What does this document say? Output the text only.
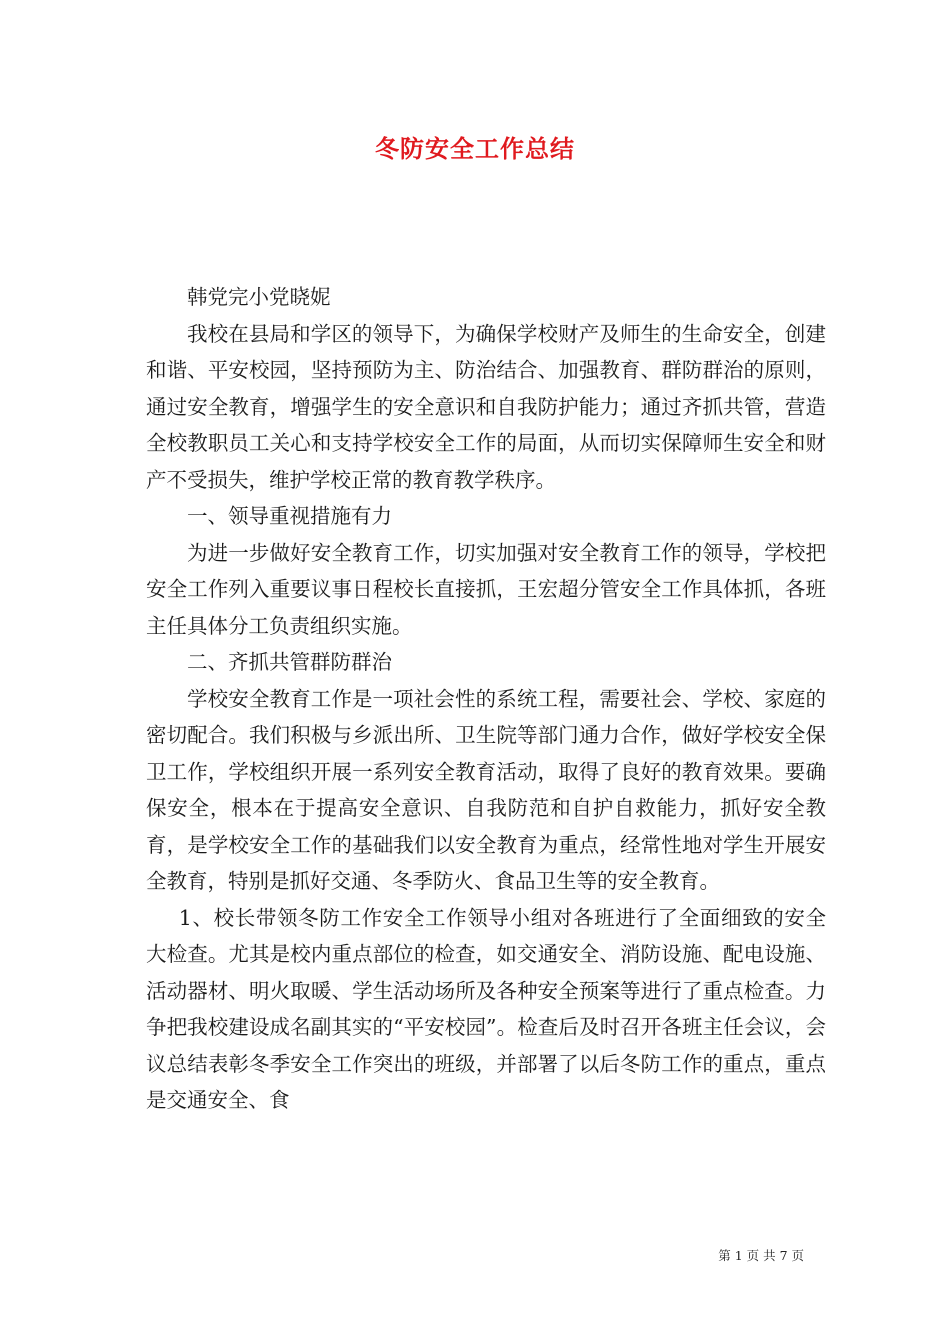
冬防安全工作总结

韩党完小党晓妮

我校在县局和学区的领导下，为确保学校财产及师生的生命安全，创建和谐、平安校园，坚持预防为主、防治结合、加强教育、群防群治的原则，通过安全教育，增强学生的安全意识和自我防护能力；通过齐抓共管，营造全校教职员工关心和支持学校安全工作的局面，从而切实保障师生安全和财产不受损失，维护学校正常的教育教学秩序。

一、领导重视措施有力

为进一步做好安全教育工作，切实加强对安全教育工作的领导，学校把安全工作列入重要议事日程校长直接抓，王宏超分管安全工作具体抓，各班主任具体分工负责组织实施。

二、齐抓共管群防群治

学校安全教育工作是一项社会性的系统工程，需要社会、学校、家庭的密切配合。我们积极与乡派出所、卫生院等部门通力合作，做好学校安全保卫工作，学校组织开展一系列安全教育活动，取得了良好的教育效果。要确保安全，根本在于提高安全意识、自我防范和自护自救能力，抓好安全教育，是学校安全工作的基础我们以安全教育为重点，经常性地对学生开展安全教育，特别是抓好交通、冬季防火、食品卫生等的安全教育。

1、校长带领冬防工作安全工作领导小组对各班进行了全面细致的安全大检查。尤其是校内重点部位的检查，如交通安全、消防设施、配电设施、活动器材、明火取暖、学生活动场所及各种安全预案等进行了重点检查。力争把我校建设成名副其实的“平安校园”。检查后及时召开各班主任会议，会议总结表彰冬季安全工作突出的班级，并部署了以后冬防工作的重点，重点是交通安全、食

第 1 页 共 7 页
